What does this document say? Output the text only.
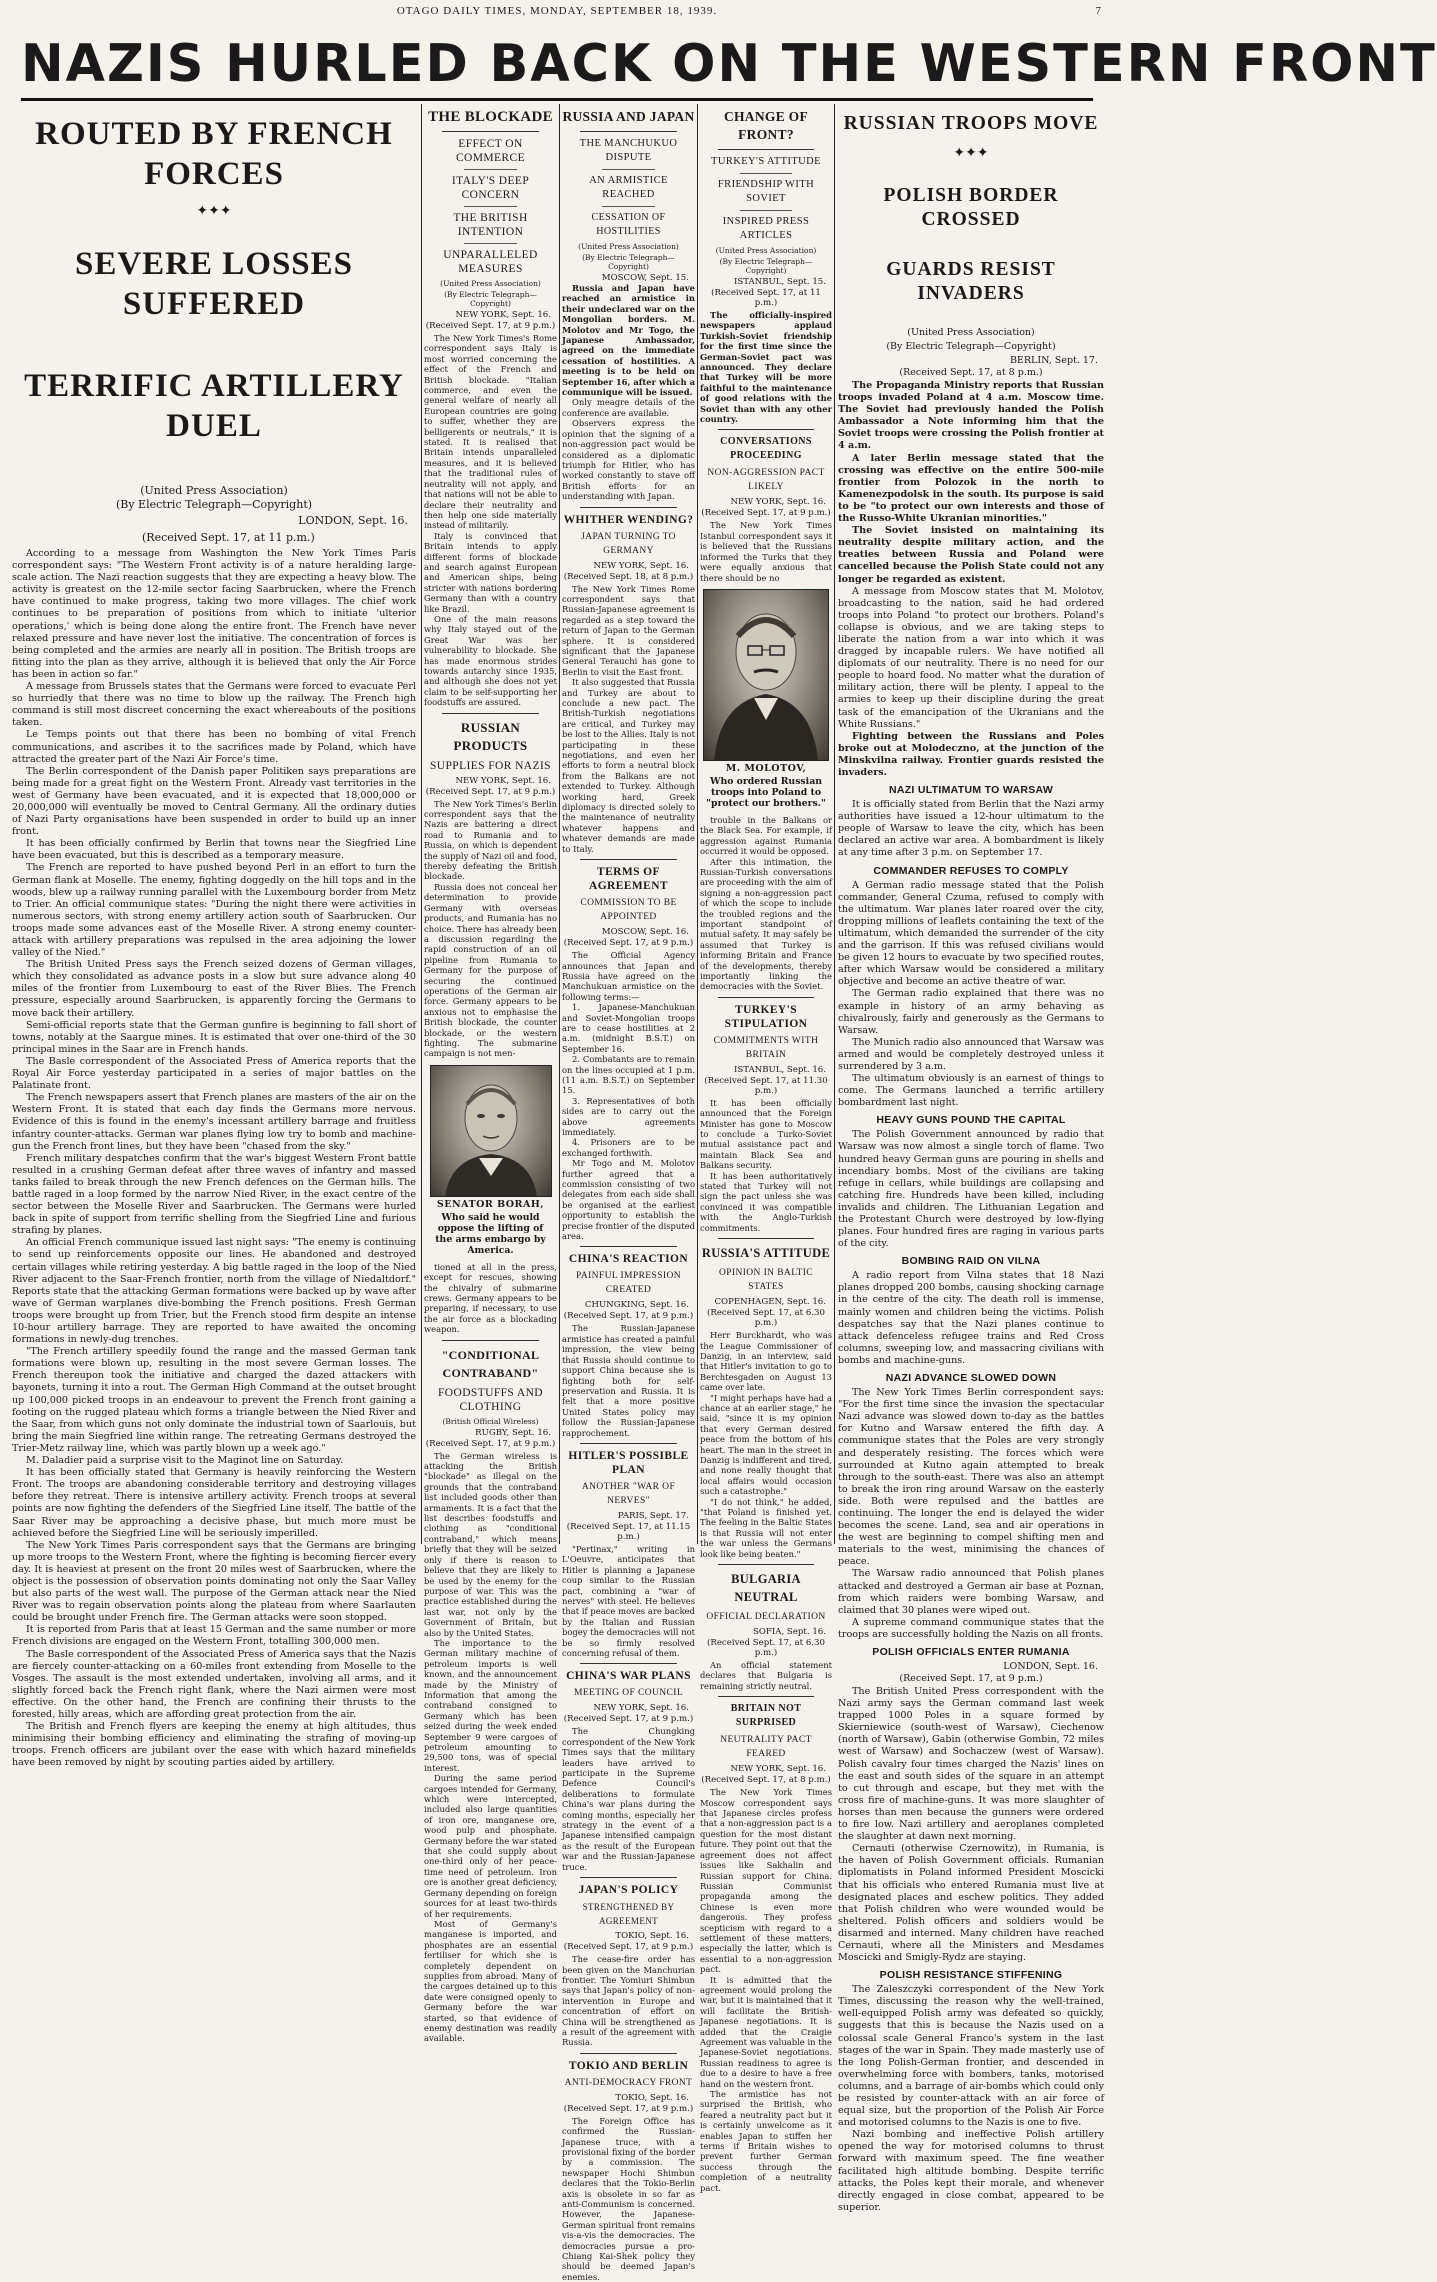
OTAGO DAILY TIMES, MONDAY, SEPTEMBER 18, 1939.	7
NAZIS HURLED BACK ON THE WESTERN FRONT
ROUTED BY FRENCH FORCES
✦✦✦
SEVERE LOSSES SUFFERED
TERRIFIC ARTILLERY DUEL
(United Press Association)
(By Electric Telegraph—Copyright)
LONDON, Sept. 16.
(Received Sept. 17, at 11 p.m.)

According to a message from Washington the New York Times Paris correspondent says: "The Western Front activity is of a nature heralding large-scale action. The Nazi reaction suggests that they are expecting a heavy blow. The activity is greatest on the 12-mile sector facing Saarbrucken, where the French have continued to make progress, taking two more villages. The chief work continues to be preparation of positions from which to initiate 'ulterior operations,' which is being done along the entire front. The French have never relaxed pressure and have never lost the initiative. The concentration of forces is being completed and the armies are nearly all in position. The British troops are fitting into the plan as they arrive, although it is believed that only the Air Force has been in action so far."

A message from Brussels states that the Germans were forced to evacuate Perl so hurriedly that there was no time to blow up the railway. The French high command is still most discreet concerning the exact whereabouts of the positions taken.

Le Temps points out that there has been no bombing of vital French communications, and ascribes it to the sacrifices made by Poland, which have attracted the greater part of the Nazi Air Force's time.

The Berlin correspondent of the Danish paper Politiken says preparations are being made for a great fight on the Western Front. Already vast territories in the west of Germany have been evacuated, and it is expected that 18,000,000 or 20,000,000 will eventually be moved to Central Germany. All the ordinary duties of Nazi Party organisations have been suspended in order to build up an inner front.

It has been officially confirmed by Berlin that towns near the Siegfried Line have been evacuated, but this is described as a temporary measure.

The French are reported to have pushed beyond Perl in an effort to turn the German flank at Moselle. The enemy, fighting doggedly on the hill tops and in the woods, blew up a railway running parallel with the Luxembourg border from Metz to Trier. An official communique states: "During the night there were activities in numerous sectors, with strong enemy artillery action south of Saarbrucken. Our troops made some advances east of the Moselle River. A strong enemy counter-attack with artillery preparations was repulsed in the area adjoining the lower valley of the Nied."

The British United Press says the French seized dozens of German villages, which they consolidated as advance posts in a slow but sure advance along 40 miles of the frontier from Luxembourg to east of the River Blies. The French pressure, especially around Saarbrucken, is apparently forcing the Germans to move back their artillery.

Semi-official reports state that the German gunfire is beginning to fall short of towns, notably at the Saargue mines. It is estimated that over one-third of the 30 principal mines in the Saar are in French hands.

The Basle correspondent of the Associated Press of America reports that the Royal Air Force yesterday participated in a series of major battles on the Palatinate front.

The French newspapers assert that French planes are masters of the air on the Western Front. It is stated that each day finds the Germans more nervous. Evidence of this is found in the enemy's incessant artillery barrage and fruitless infantry counter-attacks. German war planes flying low try to bomb and machine-gun the French front lines, but they have been "chased from the sky."

French military despatches confirm that the war's biggest Western Front battle resulted in a crushing German defeat after three waves of infantry and massed tanks failed to break through the new French defences on the German hills. The battle raged in a loop formed by the narrow Nied River, in the exact centre of the sector between the Moselle River and Saarbrucken. The Germans were hurled back in spite of support from terrific shelling from the Siegfried Line and furious strafing by planes.

An official French communique issued last night says: "The enemy is continuing to send up reinforcements opposite our lines. He abandoned and destroyed certain villages while retiring yesterday. A big battle raged in the loop of the Nied River adjacent to the Saar-French frontier, north from the village of Niedaltdorf." Reports state that the attacking German formations were backed up by wave after wave of German warplanes dive-bombing the French positions. Fresh German troops were brought up from Trier, but the French stood firm despite an intense 10-hour artillery barrage. They are reported to have awaited the oncoming formations in newly-dug trenches.

"The French artillery speedily found the range and the massed German tank formations were blown up, resulting in the most severe German losses. The French thereupon took the initiative and charged the dazed attackers with bayonets, turning it into a rout. The German High Command at the outset brought up 100,000 picked troops in an endeavour to prevent the French front gaining a footing on the rugged plateau which forms a triangle between the Nied River and the Saar, from which guns not only dominate the industrial town of Saarlouis, but bring the main Siegfried line within range. The retreating Germans destroyed the Trier-Metz railway line, which was partly blown up a week ago."

M. Daladier paid a surprise visit to the Maginot line on Saturday.

It has been officially stated that Germany is heavily reinforcing the Western Front. The troops are abandoning considerable territory and destroying villages before they retreat. There is intensive artillery activity. French troops at several points are now fighting the defenders of the Siegfried Line itself. The battle of the Saar River may be approaching a decisive phase, but much more must be achieved before the Siegfried Line will be seriously imperilled.

The New York Times Paris correspondent says that the Germans are bringing up more troops to the Western Front, where the fighting is becoming fiercer every day. It is heaviest at present on the front 20 miles west of Saarbrucken, where the object is the possession of observation points dominating not only the Saar Valley but also parts of the west wall. The purpose of the German attack near the Nied River was to regain observation points along the plateau from where Saarlauten could be brought under French fire. The German attacks were soon stopped.

It is reported from Paris that at least 15 German and the same number or more French divisions are engaged on the Western Front, totalling 300,000 men.

The Basle correspondent of the Associated Press of America says that the Nazis are fiercely counter-attacking on a 60-miles front extending from Moselle to the Vosges. The assault is the most extended undertaken, involving all arms, and it slightly forced back the French right flank, where the Nazi airmen were most effective. On the other hand, the French are confining their thrusts to the forested, hilly areas, which are affording great protection from the air.

The British and French flyers are keeping the enemy at high altitudes, thus minimising their bombing efficiency and eliminating the strafing of moving-up troops. French officers are jubilant over the ease with which hazard minefields have been removed by night by scouting parties aided by artillery.

THE BLOCKADE
EFFECT ON COMMERCE
ITALY'S DEEP CONCERN
THE BRITISH INTENTION
UNPARALLELED MEASURES
(United Press Association)
(By Electric Telegraph—Copyright)
NEW YORK, Sept. 16.
(Received Sept. 17, at 9 p.m.)

The New York Times's Rome correspondent says Italy is most worried concerning the effect of the French and British blockade. "Italian commerce, and even the general welfare of nearly all European countries are going to suffer, whether they are belligerents or neutrals," it is stated. It is realised that Britain intends unparalleled measures, and it is believed that the traditional rules of neutrality will not apply, and that nations will not be able to declare their neutrality and then help one side materially instead of militarily.

Italy is convinced that Britain intends to apply different forms of blockade and search against European and American ships, being stricter with nations bordering Germany than with a country like Brazil.

One of the main reasons why Italy stayed out of the Great War was her vulnerability to blockade. She has made enormous strides towards autarchy since 1935, and although she does not yet claim to be self-supporting her foodstuffs are assured.

RUSSIAN PRODUCTS
SUPPLIES FOR NAZIS
NEW YORK, Sept. 16.
(Received Sept. 17, at 9 p.m.)

The New York Times's Berlin correspondent says that the Nazis are battering a direct road to Rumania and to Russia, on which is dependent the supply of Nazi oil and food, thereby defeating the British blockade.

Russia does not conceal her determination to provide Germany with overseas products, and Rumania has no choice. There has already been a discussion regarding the rapid construction of an oil pipeline from Rumania to Germany for the purpose of securing the continued operations of the German air force. Germany appears to be anxious not to emphasise the British blockade, the counter blockade, or the western fighting. The submarine campaign is not men-

SENATOR BORAH,
Who said he would oppose the lifting of the arms embargo by America.

tioned at all in the press, except for rescues, showing the chivalry of submarine crews. Germany appears to be preparing, if necessary, to use the air force as a blockading weapon.

"CONDITIONAL CONTRABAND"
FOODSTUFFS AND CLOTHING
(British Official Wireless)
RUGBY, Sept. 16.
(Received Sept. 17, at 9 p.m.)

The German wireless is attacking the British "blockade" as illegal on the grounds that the contraband list included goods other than armaments. It is a fact that the list describes foodstuffs and clothing as "conditional contraband," which means briefly that they will be seized only if there is reason to believe that they are likely to be used by the enemy for the purpose of war. This was the practice established during the last war, not only by the Government of Britain, but also by the United States.

The importance to the German military machine of petroleum imports is well known, and the announcement made by the Ministry of Information that among the contraband consigned to Germany which has been seized during the week ended September 9 were cargoes of petroleum amounting to 29,500 tons, was of special interest.

During the same period cargoes intended for Germany, which were intercepted, included also large quantities of iron ore, manganese ore, wood pulp and phosphate. Germany before the war stated that she could supply about one-third only of her peace-time need of petroleum. Iron ore is another great deficiency, Germany depending on foreign sources for at least two-thirds of her requirements.

Most of Germany's manganese is imported, and phosphates are an essential fertiliser for which she is completely dependent on supplies from abroad. Many of the cargoes detained up to this date were consigned openly to Germany before the war started, so that evidence of enemy destination was readily available.

RUSSIA AND JAPAN
THE MANCHUKUO DISPUTE
AN ARMISTICE REACHED
CESSATION OF HOSTILITIES
(United Press Association)
(By Electric Telegraph—Copyright)
MOSCOW, Sept. 15.

Russia and Japan have reached an armistice in their undeclared war on the Mongolian borders. M. Molotov and Mr Togo, the Japanese Ambassador, agreed on the immediate cessation of hostilities. A meeting is to be held on September 16, after which a communique will be issued.

Only meagre details of the conference are available.

Observers express the opinion that the signing of a non-aggression pact would be considered as a diplomatic triumph for Hitler, who has worked constantly to stave off British efforts for an understanding with Japan.

WHITHER WENDING?
JAPAN TURNING TO GERMANY
NEW YORK, Sept. 16.
(Received Sept. 18, at 8 p.m.)

The New York Times Rome correspondent says that Russian-Japanese agreement is regarded as a step toward the return of Japan to the German sphere. It is considered significant that the Japanese General Terauchi has gone to Berlin to visit the East front.

It also suggested that Russia and Turkey are about to conclude a new pact. The British-Turkish negotiations are critical, and Turkey may be lost to the Allies. Italy is not participating in these negotiations, and even her efforts to form a neutral block from the Balkans are not extended to Turkey. Although working hard, Greek diplomacy is directed solely to the maintenance of neutrality whatever happens and whatever demands are made to Italy.

TERMS OF AGREEMENT
COMMISSION TO BE APPOINTED
MOSCOW, Sept. 16.
(Received Sept. 17, at 9 p.m.)

The Official Agency announces that Japan and Russia have agreed on the Manchukuan armistice on the following terms:—

1. Japanese-Manchukuan and Soviet-Mongolian troops are to cease hostilities at 2 a.m. (midnight B.S.T.) on September 16.

2. Combatants are to remain on the lines occupied at 1 p.m. (11 a.m. B.S.T.) on September 15.

3. Representatives of both sides are to carry out the above agreements immediately.

4. Prisoners are to be exchanged forthwith.

Mr Togo and M. Molotov further agreed that a commission consisting of two delegates from each side shall be organised at the earliest opportunity to establish the precise frontier of the disputed area.

CHINA'S REACTION
PAINFUL IMPRESSION CREATED
CHUNGKING, Sept. 16.
(Received Sept. 17, at 9 p.m.)

The Russian-Japanese armistice has created a painful impression, the view being that Russia should continue to support China because she is fighting both for self-preservation and Russia. It is felt that a more positive United States policy may follow the Russian-Japanese rapprochement.

HITLER'S POSSIBLE PLAN
ANOTHER "WAR OF NERVES"
PARIS, Sept. 17.
(Received Sept. 17, at 11.15 p.m.)

"Pertinax," writing in L'Oeuvre, anticipates that Hitler is planning a Japanese coup similar to the Russian pact, combining a "war of nerves" with steel. He believes that if peace moves are backed by the Italian and Russian bogey the democracies will not be so firmly resolved concerning refusal of them.

CHINA'S WAR PLANS
MEETING OF COUNCIL
NEW YORK, Sept. 16.
(Received Sept. 17, at 9 p.m.)

The Chungking correspondent of the New York Times says that the military leaders have arrived to participate in the Supreme Defence Council's deliberations to formulate China's war plans during the coming months, especially her strategy in the event of a Japanese intensified campaign as the result of the European war and the Russian-Japanese truce.

JAPAN'S POLICY
STRENGTHENED BY AGREEMENT
TOKIO, Sept. 16.
(Received Sept. 17, at 9 p.m.)

The cease-fire order has been given on the Manchurian frontier. The Yomiuri Shimbun says that Japan's policy of non-intervention in Europe and concentration of effort on China will be strengthened as a result of the agreement with Russia.

TOKIO AND BERLIN
ANTI-DEMOCRACY FRONT
TOKIO, Sept. 16.
(Received Sept. 17, at 9 p.m.)

The Foreign Office has confirmed the Russian-Japanese truce, with a provisional fixing of the border by a commission. The newspaper Hochi Shimbun declares that the Tokio-Berlin axis is obsolete in so far as anti-Communism is concerned. However, the Japanese-German spiritual front remains vis-a-vis the democracies. The democracies pursue a pro-Chiang Kai-Shek policy they should be deemed Japan's enemies.

CHANGE OF FRONT?
TURKEY'S ATTITUDE
FRIENDSHIP WITH SOVIET
INSPIRED PRESS ARTICLES
(United Press Association)
(By Electric Telegraph—Copyright)
ISTANBUL, Sept. 15.
(Received Sept. 17, at 11 p.m.)

The officially-inspired newspapers applaud Turkish-Soviet friendship for the first time since the German-Soviet pact was announced. They declare that Turkey will be more faithful to the maintenance of good relations with the Soviet than with any other country.

CONVERSATIONS PROCEEDING
NON-AGGRESSION PACT LIKELY
NEW YORK, Sept. 16.
(Received Sept. 17, at 9 p.m.)

The New York Times Istanbul correspondent says it is believed that the Russians informed the Turks that they were equally anxious that there should be no

M. MOLOTOV,
Who ordered Russian troops into Poland to "protect our brothers."

trouble in the Balkans or the Black Sea. For example, if aggression against Rumania occurred it would be opposed.

After this intimation, the Russian-Turkish conversations are proceeding with the aim of signing a non-aggression pact of which the scope to include the troubled regions and the important standpoint of mutual safety. It may safely be assumed that Turkey is informing Britain and France of the developments, thereby importantly linking the democracies with the Soviet.

TURKEY'S STIPULATION
COMMITMENTS WITH BRITAIN
ISTANBUL, Sept. 16.
(Received Sept. 17, at 11.30 p.m.)

It has been officially announced that the Foreign Minister has gone to Moscow to conclude a Turko-Soviet mutual assistance pact and maintain Black Sea and Balkans security.

It has been authoritatively stated that Turkey will not sign the pact unless she was convinced it was compatible with the Anglo-Turkish commitments.

RUSSIA'S ATTITUDE
OPINION IN BALTIC STATES
COPENHAGEN, Sept. 16.
(Received Sept. 17, at 6.30 p.m.)

Herr Burckhardt, who was the League Commissioner of Danzig, in an interview, said that Hitler's invitation to go to Berchtesgaden on August 13 came over late.

"I might perhaps have had a chance at an earlier stage," he said, "since it is my opinion that every German desired peace from the bottom of his heart. The man in the street in Danzig is indifferent and tired, and none really thought that local affairs would occasion such a catastrophe."

"I do not think," he added, "that Poland is finished yet. The feeling in the Baltic States is that Russia will not enter the war unless the Germans look like being beaten."

BULGARIA NEUTRAL
OFFICIAL DECLARATION
SOFIA, Sept. 16.
(Received Sept. 17, at 6.30 p.m.)

An official statement declares that Bulgaria is remaining strictly neutral.

BRITAIN NOT SURPRISED
NEUTRALITY PACT FEARED
NEW YORK, Sept. 16.
(Received Sept. 17, at 8 p.m.)

The New York Times Moscow correspondent says that Japanese circles profess that a non-aggression pact is a question for the most distant future. They point out that the agreement does not affect issues like Sakhalin and Russian support for China. Russian Communist propaganda among the Chinese is even more dangerous. They profess scepticism with regard to a settlement of these matters, especially the latter, which is essential to a non-aggression pact.

It is admitted that the agreement would prolong the war, but it is maintained that it will facilitate the British-Japanese negotiations. It is added that the Craigie Agreement was valuable in the Japanese-Soviet negotiations. Russian readiness to agree is due to a desire to have a free hand on the western front.

The armistice has not surprised the British, who feared a neutrality pact but it is certainly unwelcome as it enables Japan to stiffen her terms if Britain wishes to prevent further German success through the completion of a neutrality pact.

RUSSIAN TROOPS MOVE
✦✦✦
POLISH BORDER CROSSED
GUARDS RESIST INVADERS
(United Press Association)
(By Electric Telegraph—Copyright)
BERLIN, Sept. 17.
(Received Sept. 17, at 8 p.m.)

The Propaganda Ministry reports that Russian troops invaded Poland at 4 a.m. Moscow time. The Soviet had previously handed the Polish Ambassador a Note informing him that the Soviet troops were crossing the Polish frontier at 4 a.m.

A later Berlin message stated that the crossing was effective on the entire 500-mile frontier from Polozok in the north to Kamenezpodolsk in the south. Its purpose is said to be "to protect our own interests and those of the Russo-White Ukranian minorities."

The Soviet insisted on maintaining its neutrality despite military action, and the treaties between Russia and Poland were cancelled because the Polish State could not any longer be regarded as existent.

A message from Moscow states that M. Molotov, broadcasting to the nation, said he had ordered troops into Poland "to protect our brothers. Poland's collapse is obvious, and we are taking steps to liberate the nation from a war into which it was dragged by incapable rulers. We have notified all diplomats of our neutrality. There is no need for our people to hoard food. No matter what the duration of military action, there will be plenty. I appeal to the armies to keep up their discipline during the great task of the emancipation of the Ukranians and the White Russians."

Fighting between the Russians and Poles broke out at Molodeczno, at the junction of the Minskvilna railway. Frontier guards resisted the invaders.

NAZI ULTIMATUM TO WARSAW

It is officially stated from Berlin that the Nazi army authorities have issued a 12-hour ultimatum to the people of Warsaw to leave the city, which has been declared an active war area. A bombardment is likely at any time after 3 p.m. on September 17.

COMMANDER REFUSES TO COMPLY

A German radio message stated that the Polish commander, General Czuma, refused to comply with the ultimatum. War planes later roared over the city, dropping millions of leaflets containing the text of the ultimatum, which demanded the surrender of the city and the garrison. If this was refused civilians would be given 12 hours to evacuate by two specified routes, after which Warsaw would be considered a military objective and become an active theatre of war.

The German radio explained that there was no example in history of an army behaving as chivalrously, fairly and generously as the Germans to Warsaw.

The Munich radio also announced that Warsaw was armed and would be completely destroyed unless it surrendered by 3 a.m.

The ultimatum obviously is an earnest of things to come. The Germans launched a terrific artillery bombardment last night.

HEAVY GUNS POUND THE CAPITAL

The Polish Government announced by radio that Warsaw was now almost a single torch of flame. Two hundred heavy German guns are pouring in shells and incendiary bombs. Most of the civilians are taking refuge in cellars, while buildings are collapsing and catching fire. Hundreds have been killed, including invalids and children. The Lithuanian Legation and the Protestant Church were destroyed by low-flying planes. Four hundred fires are raging in various parts of the city.

BOMBING RAID ON VILNA

A radio report from Vilna states that 18 Nazi planes dropped 200 bombs, causing shocking carnage in the centre of the city. The death roll is immense, mainly women and children being the victims. Polish despatches say that the Nazi planes continue to attack defenceless refugee trains and Red Cross columns, sweeping low, and massacring civilians with bombs and machine-guns.

NAZI ADVANCE SLOWED DOWN

The New York Times Berlin correspondent says: "For the first time since the invasion the spectacular Nazi advance was slowed down to-day as the battles for Kutno and Warsaw entered the fifth day. A communique states that the Poles are very strongly and desperately resisting. The forces which were surrounded at Kutno again attempted to break through to the south-east. There was also an attempt to break the iron ring around Warsaw on the easterly side. Both were repulsed and the battles are continuing. The longer the end is delayed the wider becomes the scene. Land, sea and air operations in the west are beginning to compel shifting men and materials to the west, minimising the chances of peace.

The Warsaw radio announced that Polish planes attacked and destroyed a German air base at Poznan, from which raiders were bombing Warsaw, and claimed that 30 planes were wiped out.

A supreme command communique states that the troops are successfully holding the Nazis on all fronts.

POLISH OFFICIALS ENTER RUMANIA
LONDON, Sept. 16.
(Received Sept. 17, at 9 p.m.)

The British United Press correspondent with the Nazi army says the German command last week trapped 1000 Poles in a square formed by Skierniewice (south-west of Warsaw), Ciechenow (north of Warsaw), Gabin (otherwise Gombin, 72 miles west of Warsaw) and Sochaczew (west of Warsaw). Polish cavalry four times charged the Nazis' lines on the east and south sides of the square in an attempt to cut through and escape, but they met with the cross fire of machine-guns. It was more slaughter of horses than men because the gunners were ordered to fire low. Nazi artillery and aeroplanes completed the slaughter at dawn next morning.

Cernauti (otherwise Czernowitz), in Rumania, is the haven of Polish Government officials. Rumanian diplomatists in Poland informed President Moscicki that his officials who entered Rumania must live at designated places and eschew politics. They added that Polish children who were wounded would be sheltered. Polish officers and soldiers would be disarmed and interned. Many children have reached Cernauti, where all the Ministers and Mesdames Moscicki and Smigly-Rydz are staying.

POLISH RESISTANCE STIFFENING

The Zaleszczyki correspondent of the New York Times, discussing the reason why the well-trained, well-equipped Polish army was defeated so quickly, suggests that this is because the Nazis used on a colossal scale General Franco's system in the last stages of the war in Spain. They made masterly use of the long Polish-German frontier, and descended in overwhelming force with bombers, tanks, motorised columns, and a barrage of air-bombs which could only be resisted by counter-attack with an air force of equal size, but the proportion of the Polish Air Force and motorised columns to the Nazis is one to five.

Nazi bombing and ineffective Polish artillery opened the way for motorised columns to thrust forward with maximum speed. The fine weather facilitated high altitude bombing. Despite terrific attacks, the Poles kept their morale, and whenever directly engaged in close combat, appeared to be superior.
